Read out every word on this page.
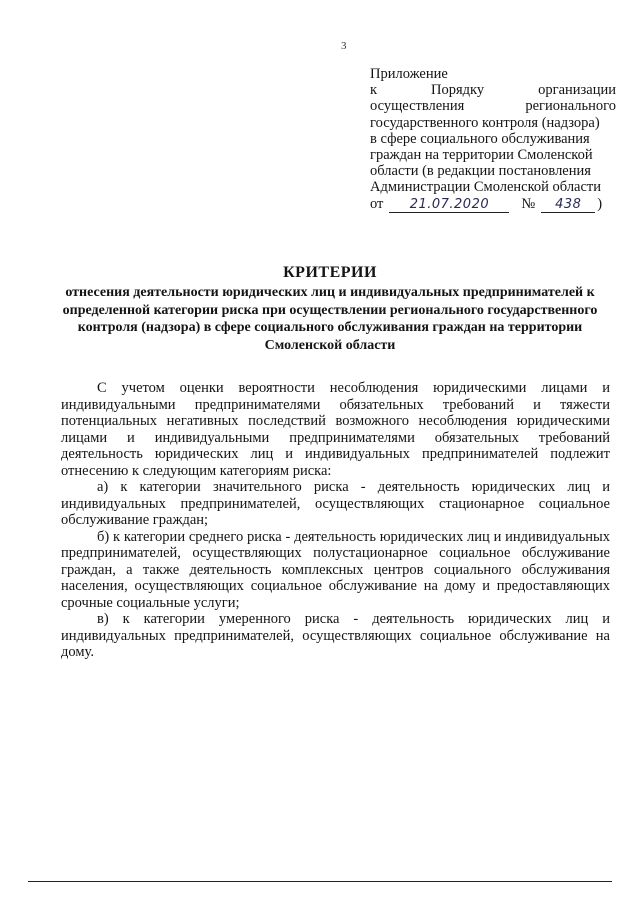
3
Приложение
к	Порядку	организации
осуществления	регионального
государственного контроля (надзора)
в сфере социального обслуживания
граждан на территории Смоленской
области (в редакции постановления
Администрации Смоленской области
от	21.07.2020	№	438	)
КРИТЕРИИ
отнесения деятельности юридических лиц и индивидуальных предпринимателей к определенной категории риска при осуществлении регионального государственного контроля (надзора) в сфере социального обслуживания граждан на территории Смоленской области

С учетом оценки вероятности несоблюдения юридическими лицами и индивидуальными предпринимателями обязательных требований и тяжести потенциальных негативных последствий возможного несоблюдения юридическими лицами и индивидуальными предпринимателями обязательных требований деятельность юридических лиц и индивидуальных предпринимателей подлежит отнесению к следующим категориям риска:

а) к категории значительного риска - деятельность юридических лиц и индивидуальных предпринимателей, осуществляющих стационарное социальное обслуживание граждан;

б) к категории среднего риска - деятельность юридических лиц и индивидуальных предпринимателей, осуществляющих полустационарное социальное обслуживание граждан, а также деятельность комплексных центров социального обслуживания населения, осуществляющих социальное обслуживание на дому и предоставляющих срочные социальные услуги;

в) к категории умеренного риска - деятельность юридических лиц и индивидуальных предпринимателей, осуществляющих социальное обслуживание на дому.
